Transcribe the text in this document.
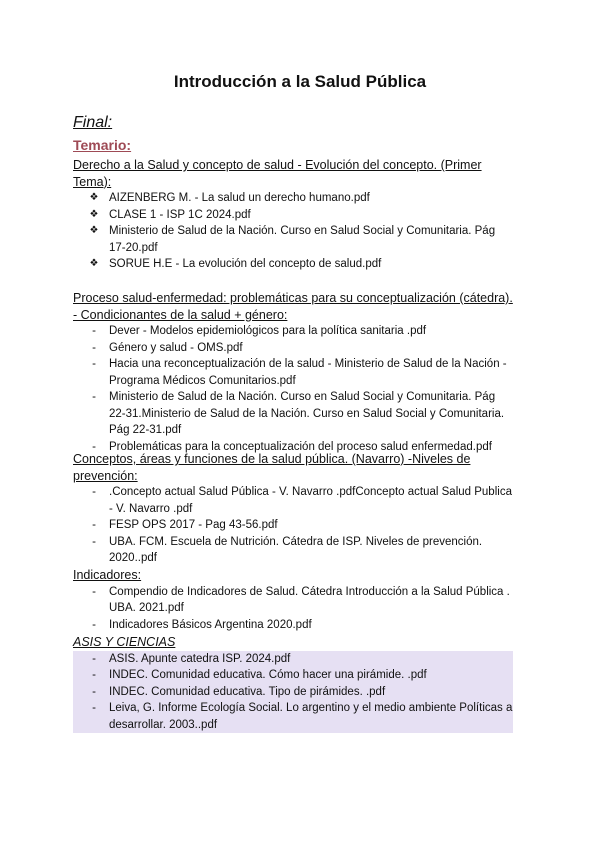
Introducción a la Salud Pública

Final:

Temario:

Derecho a la Salud y concepto de salud - Evolución del concepto. (Primer Tema):

❖ AIZENBERG M. - La salud un derecho humano.pdf
❖ CLASE 1 - ISP 1C 2024.pdf
❖ Ministerio de Salud de la Nación. Curso en Salud Social y Comunitaria. Pág 17-20.pdf
❖ SORUE H.E - La evolución del concepto de salud.pdf

Proceso salud-enfermedad: problemáticas para su conceptualización (cátedra). - Condicionantes de la salud + género:

-	Dever - Modelos epidemiológicos para la política sanitaria .pdf
-	Género y salud - OMS.pdf
-	Hacia una reconceptualización de la salud - Ministerio de Salud de la Nación - Programa Médicos Comunitarios.pdf
-	Ministerio de Salud de la Nación. Curso en Salud Social y Comunitaria. Pág 22-31.Ministerio de Salud de la Nación. Curso en Salud Social y Comunitaria. Pág 22-31.pdf
-	Problemáticas para la conceptualización del proceso salud enfermedad.pdf

Conceptos, áreas y funciones de la salud pública. (Navarro) -Niveles de prevención:

-	.Concepto actual Salud Pública - V. Navarro .pdfConcepto actual Salud Publica - V. Navarro .pdf
-	FESP OPS 2017 - Pag 43-56.pdf
-	UBA. FCM. Escuela de Nutrición. Cátedra de ISP. Niveles de prevención. 2020..pdf

Indicadores:

-	Compendio de Indicadores de Salud. Cátedra Introducción a la Salud Pública . UBA. 2021.pdf
-	Indicadores Básicos Argentina 2020.pdf

ASIS Y CIENCIAS

-	ASIS. Apunte catedra ISP. 2024.pdf
-	INDEC. Comunidad educativa. Cómo hacer una pirámide. .pdf
-	INDEC. Comunidad educativa. Tipo de pirámides. .pdf
-	Leiva, G. Informe Ecología Social. Lo argentino y el medio ambiente Políticas a desarrollar. 2003..pdf
